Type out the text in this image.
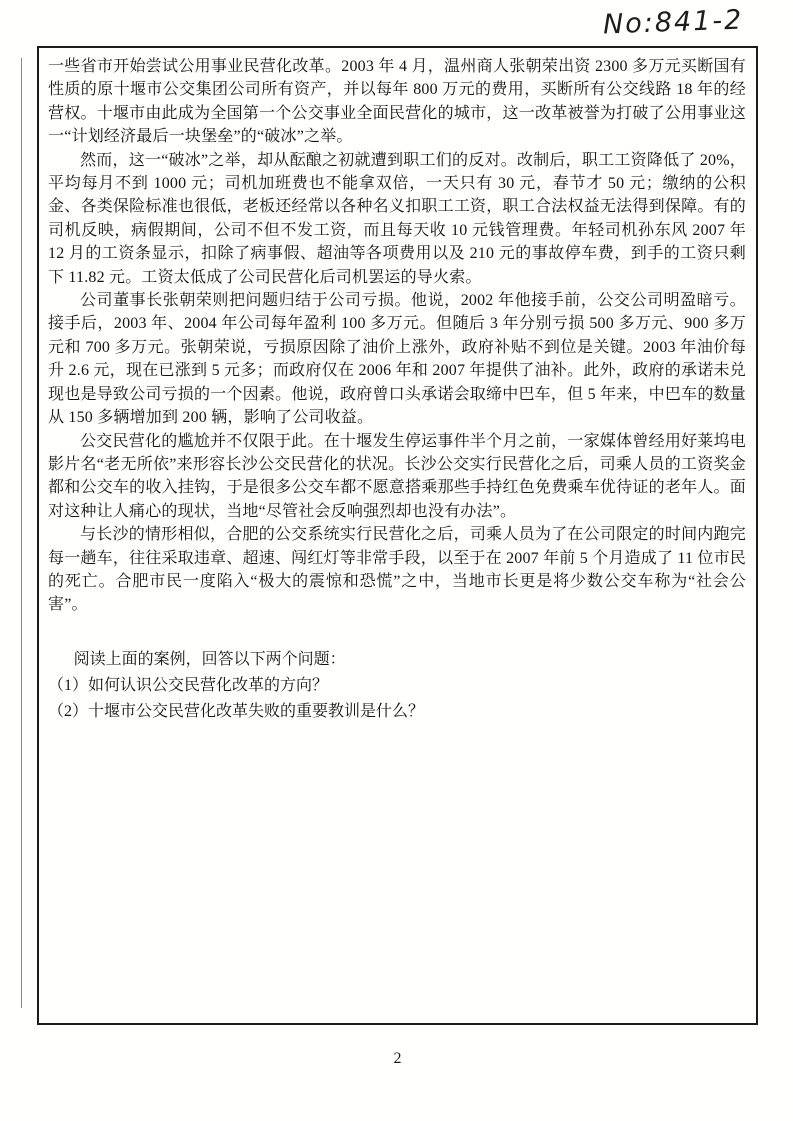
No:841-2

一些省市开始尝试公用事业民营化改革。2003 年 4 月，温州商人张朝荣出资 2300 多万元买断国有性质的原十堰市公交集团公司所有资产，并以每年 800 万元的费用，买断所有公交线路 18 年的经营权。十堰市由此成为全国第一个公交事业全面民营化的城市，这一改革被誉为打破了公用事业这一“计划经济最后一块堡垒”的“破冰”之举。

然而，这一“破冰”之举，却从酝酿之初就遭到职工们的反对。改制后，职工工资降低了 20%，平均每月不到 1000 元；司机加班费也不能拿双倍，一天只有 30 元，春节才 50 元；缴纳的公积金、各类保险标准也很低，老板还经常以各种名义扣职工工资，职工合法权益无法得到保障。有的司机反映，病假期间，公司不但不发工资，而且每天收 10 元钱管理费。年轻司机孙东风 2007 年 12 月的工资条显示，扣除了病事假、超油等各项费用以及 210 元的事故停车费，到手的工资只剩下 11.82 元。工资太低成了公司民营化后司机罢运的导火索。

公司董事长张朝荣则把问题归结于公司亏损。他说，2002 年他接手前，公交公司明盈暗亏。接手后，2003 年、2004 年公司每年盈利 100 多万元。但随后 3 年分别亏损 500 多万元、900 多万元和 700 多万元。张朝荣说，亏损原因除了油价上涨外，政府补贴不到位是关键。2003 年油价每升 2.6 元，现在已涨到 5 元多；而政府仅在 2006 年和 2007 年提供了油补。此外，政府的承诺未兑现也是导致公司亏损的一个因素。他说，政府曾口头承诺会取缔中巴车，但 5 年来，中巴车的数量从 150 多辆增加到 200 辆，影响了公司收益。

公交民营化的尴尬并不仅限于此。在十堰发生停运事件半个月之前，一家媒体曾经用好莱坞电影片名“老无所依”来形容长沙公交民营化的状况。长沙公交实行民营化之后，司乘人员的工资奖金都和公交车的收入挂钩，于是很多公交车都不愿意搭乘那些手持红色免费乘车优待证的老年人。面对这种让人痛心的现状，当地“尽管社会反响强烈却也没有办法”。

与长沙的情形相似，合肥的公交系统实行民营化之后，司乘人员为了在公司限定的时间内跑完每一趟车，往往采取违章、超速、闯红灯等非常手段，以至于在 2007 年前 5 个月造成了 11 位市民的死亡。合肥市民一度陷入“极大的震惊和恐慌”之中，当地市长更是将少数公交车称为“社会公害”。

阅读上面的案例，回答以下两个问题：

（1）如何认识公交民营化改革的方向？

（2）十堰市公交民营化改革失败的重要教训是什么？

2
